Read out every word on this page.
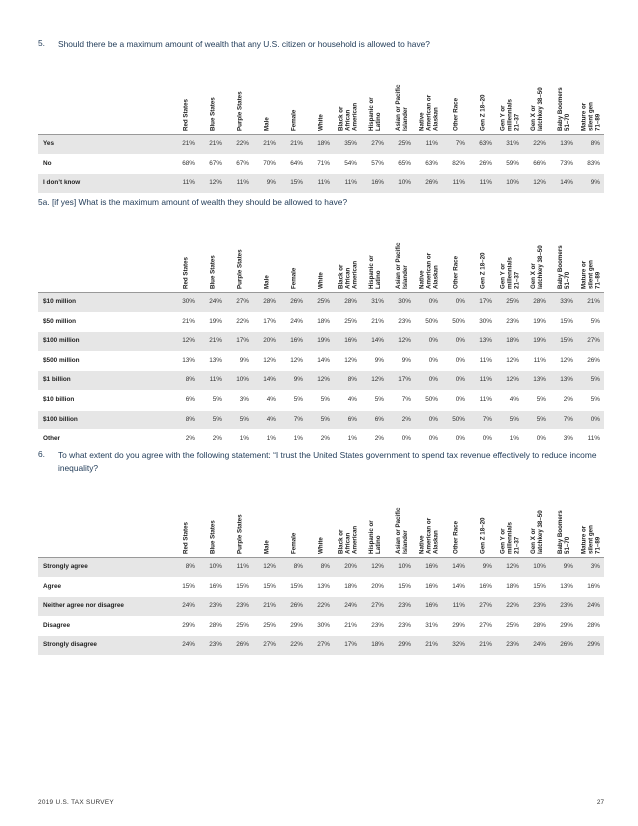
5. Should there be a maximum amount of wealth that any U.S. citizen or household is allowed to have?

	Red States	Blue States	Purple States	Male	Female	White	Black or
African
American	Hispanic or
Latino	Asian or Pacific
Islander	Native
American or
Alaskan	Other Race	Gen Z 18–20	Gen Y or
millennials
21–37	Gen X or
latchkey 38–50	Baby Boomers
51–70	Mature or
silent gen
71–89

Yes	21%	21%	22%	21%	21%	18%	35%	27%	25%	11%	7%	63%	31%	22%	13%	8%
No	68%	67%	67%	70%	64%	71%	54%	57%	65%	63%	82%	26%	59%	66%	73%	83%
I don’t know	11%	12%	11%	9%	15%	11%	11%	16%	10%	26%	11%	11%	10%	12%	14%	9%
5a. [if yes] What is the maximum amount of wealth they should be allowed to have?

	Red States	Blue States	Purple States	Male	Female	White	Black or
African
American	Hispanic or
Latino	Asian or Pacific
Islander	Native
American or
Alaskan	Other Race	Gen Z 18–20	Gen Y or
millennials
21–37	Gen X or
latchkey 38–50	Baby Boomers
51–70	Mature or
silent gen
71–89

$10 million	30%	24%	27%	28%	26%	25%	28%	31%	30%	0%	0%	17%	25%	28%	33%	21%
$50 million	21%	19%	22%	17%	24%	18%	25%	21%	23%	50%	50%	30%	23%	19%	15%	5%
$100 million	12%	21%	17%	20%	16%	19%	16%	14%	12%	0%	0%	13%	18%	19%	15%	27%
$500 million	13%	13%	9%	12%	12%	14%	12%	9%	9%	0%	0%	11%	12%	11%	12%	26%
$1 billion	8%	11%	10%	14%	9%	12%	8%	12%	17%	0%	0%	11%	12%	13%	13%	5%
$10 billion	6%	5%	3%	4%	5%	5%	4%	5%	7%	50%	0%	11%	4%	5%	2%	5%
$100 billion	8%	5%	5%	4%	7%	5%	6%	6%	2%	0%	50%	7%	5%	5%	7%	0%
Other	2%	2%	1%	1%	1%	2%	1%	2%	0%	0%	0%	0%	1%	0%	3%	11%
6. To what extent do you agree with the following statement: “I trust the United States government to spend tax revenue effectively to reduce income inequality?

	Red States	Blue States	Purple States	Male	Female	White	Black or
African
American	Hispanic or
Latino	Asian or Pacific
Islander	Native
American or
Alaskan	Other Race	Gen Z 18–20	Gen Y or
millennials
21–37	Gen X or
latchkey 38–50	Baby Boomers
51–70	Mature or
silent gen
71–89

Strongly agree	8%	10%	11%	12%	8%	8%	20%	12%	10%	16%	14%	9%	12%	10%	9%	3%
Agree	15%	16%	15%	15%	15%	13%	18%	20%	15%	16%	14%	16%	18%	15%	13%	16%
Neither agree nor disagree	24%	23%	23%	21%	26%	22%	24%	27%	23%	16%	11%	27%	22%	23%	23%	24%
Disagree	29%	28%	25%	25%	29%	30%	21%	23%	23%	31%	29%	27%	25%	28%	29%	28%
Strongly disagree	24%	23%	26%	27%	22%	27%	17%	18%	29%	21%	32%	21%	23%	24%	26%	29%
2019 U.S. TAX SURVEY	27
